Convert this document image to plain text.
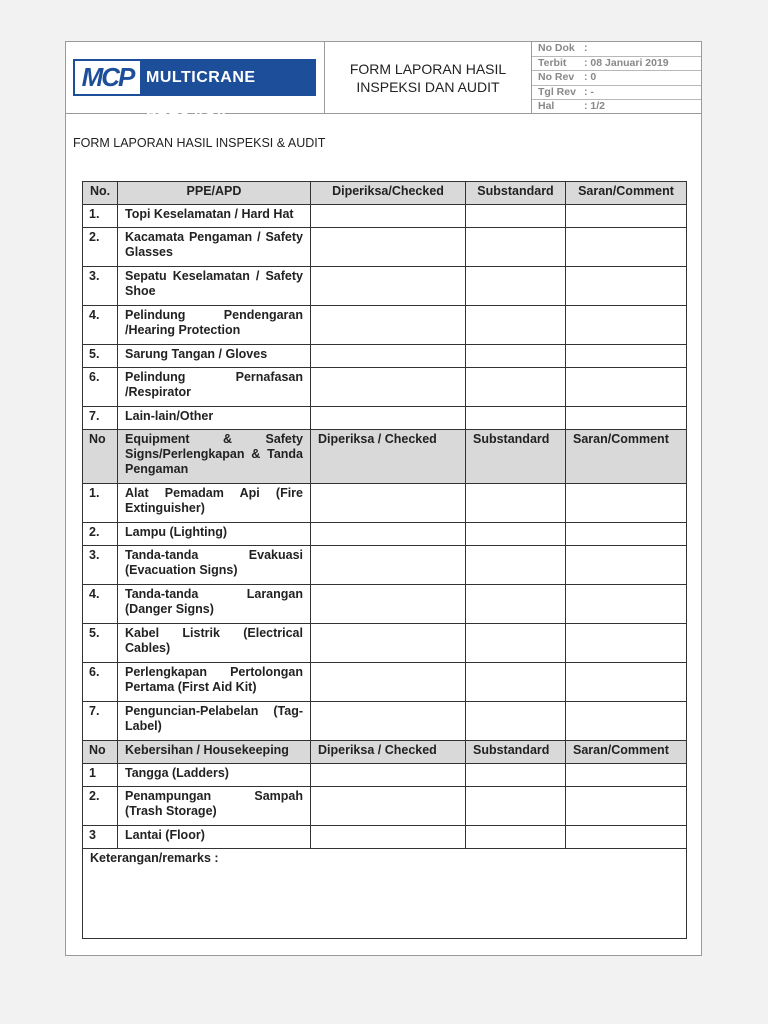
MCP MULTICRANE PERKASA
FORM LAPORAN HASIL
INSPEKSI DAN AUDIT
No Dok :
Terbit : 08 Januari 2019
No Rev : 0
Tgl Rev : -
Hal	: 1/2
FORM LAPORAN HASIL INSPEKSI & AUDIT
No.	PPE/APD	Diperiksa/Checked	Substandard	Saran/Comment
1.	Topi Keselamatan / Hard Hat			
2.	Kacamata Pengaman / Safety Glasses			
3.	Sepatu Keselamatan / Safety Shoe			
4.	Pelindung Pendengaran /Hearing Protection			
5.	Sarung Tangan / Gloves			
6.	Pelindung Pernafasan /Respirator			
7.	Lain-lain/Other			
No	Equipment & Safety Signs/Perlengkapan & Tanda Pengaman	Diperiksa / Checked	Substandard	Saran/Comment
1.	Alat Pemadam Api (Fire Extinguisher)			
2.	Lampu (Lighting)			
3.	Tanda-tanda Evakuasi (Evacuation Signs)			
4.	Tanda-tanda Larangan (Danger Signs)			
5.	Kabel Listrik (Electrical Cables)			
6.	Perlengkapan Pertolongan Pertama (First Aid Kit)			
7.	Penguncian-Pelabelan (Tag-Label)			
No	Kebersihan / Housekeeping	Diperiksa / Checked	Substandard	Saran/Comment
1	Tangga (Ladders)			
2.	Penampungan Sampah (Trash Storage)			
3	Lantai (Floor)			
Keterangan/remarks :				
